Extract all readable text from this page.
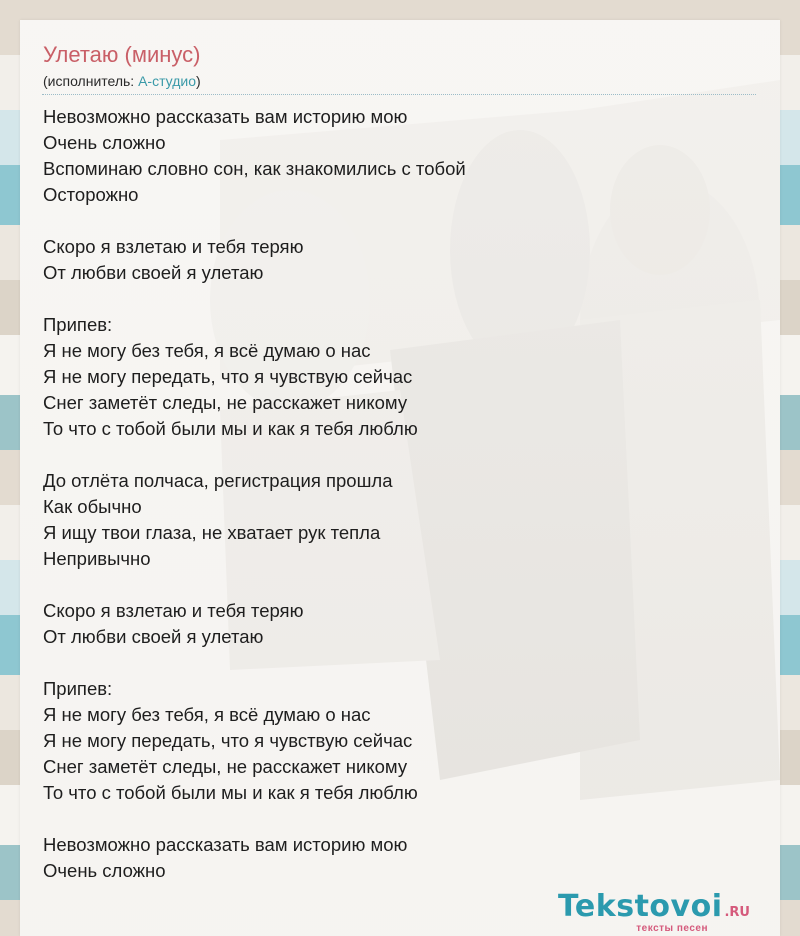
Улетаю (минус)
(исполнитель: А-студио)
Невозможно рассказать вам историю мою
Очень сложно
Вспоминаю словно сон, как знакомились с тобой
Осторожно
Скоро я взлетаю и тебя теряю
От любви своей я улетаю
Припев:
Я не могу без тебя, я всё думаю о нас
Я не могу передать, что я чувствую сейчас
Снег заметёт следы, не расскажет никому
То что с тобой были мы и как я тебя люблю
До отлёта полчаса, регистрация прошла
Как обычно
Я ищу твои глаза, не хватает рук тепла
Непривычно
Скоро я взлетаю и тебя теряю
От любви своей я улетаю
Припев:
Я не могу без тебя, я всё думаю о нас
Я не могу передать, что я чувствую сейчас
Снег заметёт следы, не расскажет никому
То что с тобой были мы и как я тебя люблю
Невозможно рассказать вам историю мою
Очень сложно
Tekstovoi .RU
тексты песен
